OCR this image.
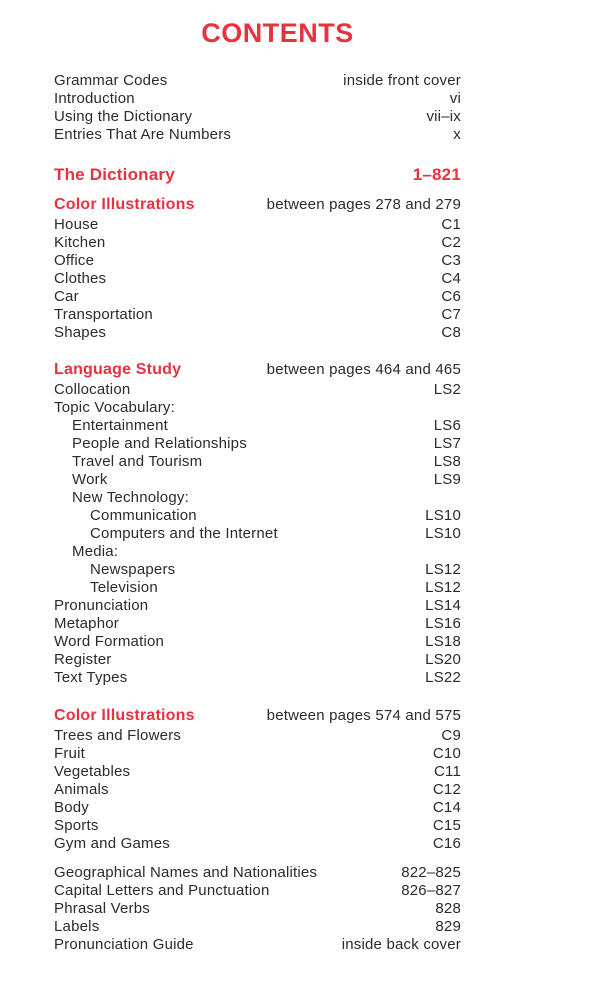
CONTENTS
Grammar Codes	inside front cover
Introduction	vi
Using the Dictionary	vii–ix
Entries That Are Numbers	x
The Dictionary	1–821
Color Illustrations	between pages 278 and 279
House	C1
Kitchen	C2
Office	C3
Clothes	C4
Car	C6
Transportation	C7
Shapes	C8
Language Study	between pages 464 and 465
Collocation	LS2
Topic Vocabulary:
Entertainment	LS6
People and Relationships	LS7
Travel and Tourism	LS8
Work	LS9
New Technology:
Communication	LS10
Computers and the Internet	LS10
Media:
Newspapers	LS12
Television	LS12
Pronunciation	LS14
Metaphor	LS16
Word Formation	LS18
Register	LS20
Text Types	LS22
Color Illustrations	between pages 574 and 575
Trees and Flowers	C9
Fruit	C10
Vegetables	C11
Animals	C12
Body	C14
Sports	C15
Gym and Games	C16
Geographical Names and Nationalities	822–825
Capital Letters and Punctuation	826–827
Phrasal Verbs	828
Labels	829
Pronunciation Guide	inside back cover
